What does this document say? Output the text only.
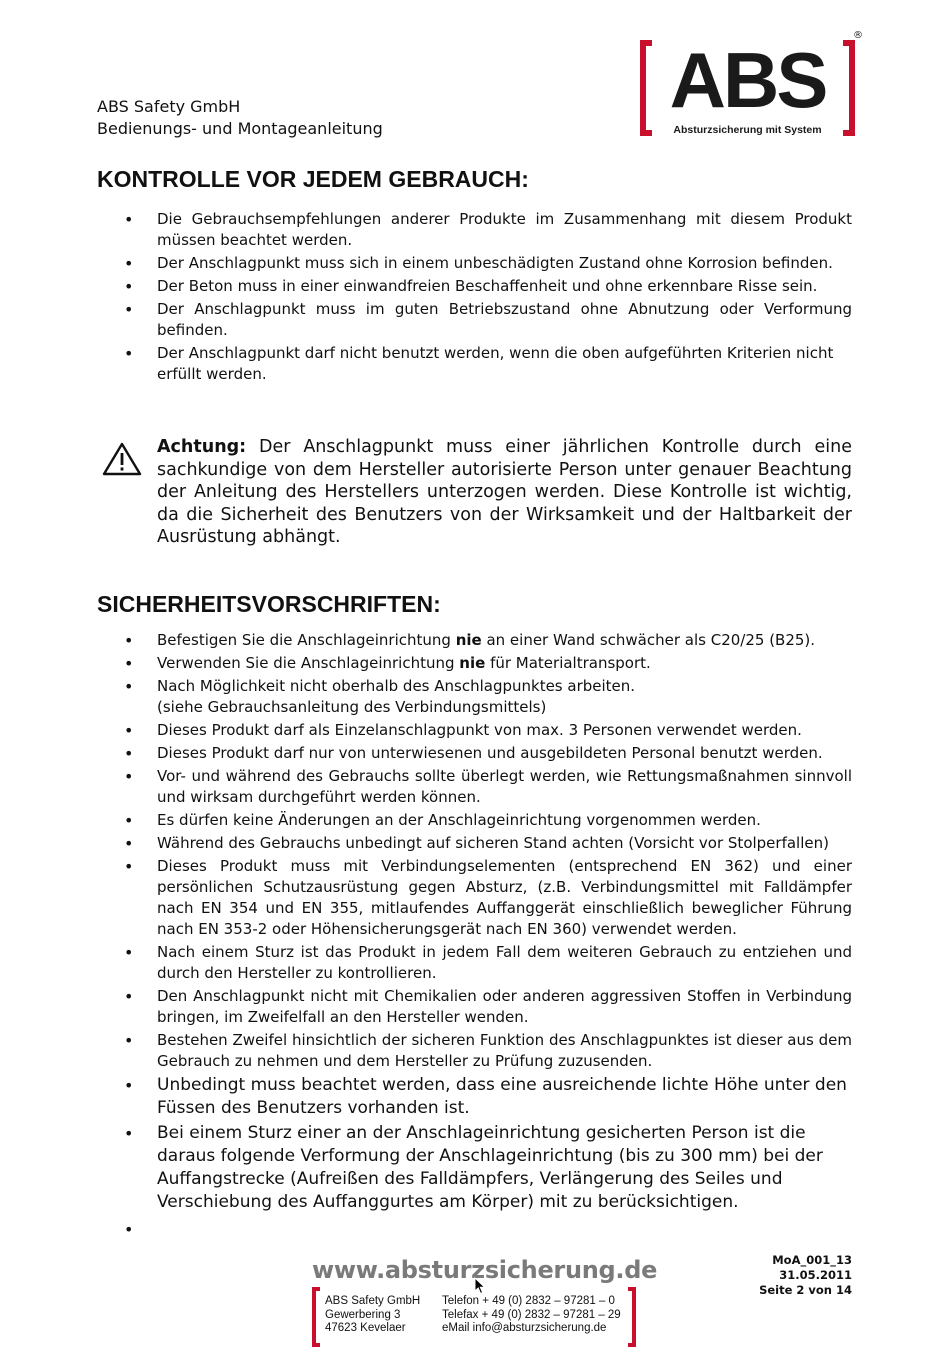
ABS Safety GmbH
Bedienungs- und Montageanleitung
ABS
Absturzsicherung mit System
®
KONTROLLE VOR JEDEM GEBRAUCH:
• Die Gebrauchsempfehlungen anderer Produkte im Zusammenhang mit diesem Produkt müssen beachtet werden.
• Der Anschlagpunkt muss sich in einem unbeschädigten Zustand ohne Korrosion befinden.
• Der Beton muss in einer einwandfreien Beschaffenheit und ohne erkennbare Risse sein.
• Der Anschlagpunkt muss im guten Betriebszustand ohne Abnutzung oder Verformung befinden.
• Der Anschlagpunkt darf nicht benutzt werden, wenn die oben aufgeführten Kriterien nicht erfüllt werden.
Achtung: Der Anschlagpunkt muss einer jährlichen Kontrolle durch eine sachkundige von dem Hersteller autorisierte Person unter genauer Beachtung der Anleitung des Herstellers unterzogen werden. Diese Kontrolle ist wichtig, da die Sicherheit des Benutzers von der Wirksamkeit und der Haltbarkeit der Ausrüstung abhängt.
SICHERHEITSVORSCHRIFTEN:
• Befestigen Sie die Anschlageinrichtung nie an einer Wand schwächer als C20/25 (B25).
• Verwenden Sie die Anschlageinrichtung nie für Materialtransport.
• Nach Möglichkeit nicht oberhalb des Anschlagpunktes arbeiten.
(siehe Gebrauchsanleitung des Verbindungsmittels)
• Dieses Produkt darf als Einzelanschlagpunkt von max. 3 Personen verwendet werden.
• Dieses Produkt darf nur von unterwiesenen und ausgebildeten Personal benutzt werden.
• Vor- und während des Gebrauchs sollte überlegt werden, wie Rettungsmaßnahmen sinnvoll und wirksam durchgeführt werden können.
• Es dürfen keine Änderungen an der Anschlageinrichtung vorgenommen werden.
• Während des Gebrauchs unbedingt auf sicheren Stand achten (Vorsicht vor Stolperfallen)
• Dieses Produkt muss mit Verbindungselementen (entsprechend EN 362) und einer persönlichen Schutzausrüstung gegen Absturz, (z.B. Verbindungsmittel mit Falldämpfer nach EN 354 und EN 355, mitlaufendes Auffanggerät einschließlich beweglicher Führung nach EN 353-2 oder Höhensicherungsgerät nach EN 360) verwendet werden.
• Nach einem Sturz ist das Produkt in jedem Fall dem weiteren Gebrauch zu entziehen und durch den Hersteller zu kontrollieren.
• Den Anschlagpunkt nicht mit Chemikalien oder anderen aggressiven Stoffen in Verbindung bringen, im Zweifelfall an den Hersteller wenden.
• Bestehen Zweifel hinsichtlich der sicheren Funktion des Anschlagpunktes ist dieser aus dem Gebrauch zu nehmen und dem Hersteller zu Prüfung zuzusenden.
• Unbedingt muss beachtet werden, dass eine ausreichende lichte Höhe unter den Füssen des Benutzers vorhanden ist.
• Bei einem Sturz einer an der Anschlageinrichtung gesicherten Person ist die daraus folgende Verformung der Anschlageinrichtung (bis zu 300 mm) bei der Auffangstrecke (Aufreißen des Falldämpfers, Verlängerung des Seiles und Verschiebung des Auffanggurtes am Körper) mit zu berücksichtigen.
www.absturzsicherung.de	MoA_001_13
31.05.2011
Seite 2 von 14
ABS Safety GmbH
Gewerbering 3
47623 Kevelaer
Telefon + 49 (0) 2832 – 97281 – 0
Telefax + 49 (0) 2832 – 97281 – 29
eMail info@absturzsicherung.de
